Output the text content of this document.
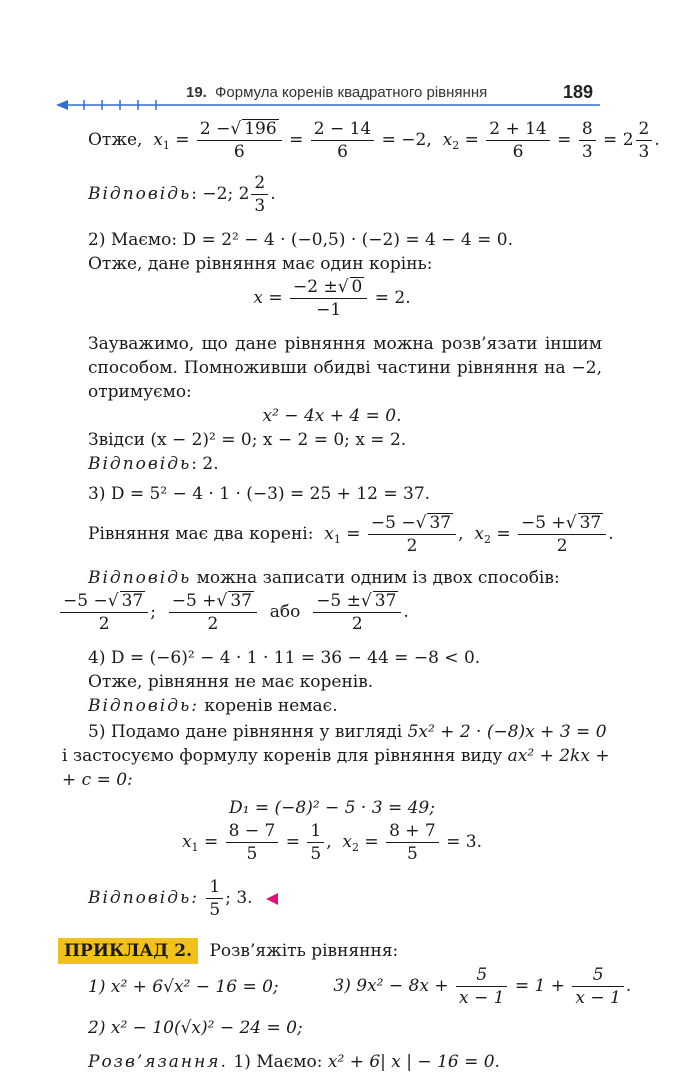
19. Формула коренів квадратного рівняння	189
Отже,  $x_1 = \frac{2 -√ 196}{6} = \frac{2 - 14}{6} = -2$,  $x_2 = \frac{2 + 14}{6} = \frac{8}{3} = 2 \frac{2}{3}$ .
Відповідь: −2; $2 \frac{2}{3}$ .
2) Маємо: D = 2² − 4 · (−0,5) · (−2) = 4 − 4 = 0.
Отже, дане рівняння має один корінь:
$x = \frac{-2 \pm√ 0}{-1} = 2$.
Зауважимо, що дане рівняння можна розв’язати іншим способом. Помноживши обидві частини рівняння на −2, отримуємо:
x² − 4x + 4 = 0.
Звідси (x − 2)² = 0; x − 2 = 0; x = 2.
Відповідь: 2.
3) D = 5² − 4 · 1 · (−3) = 25 + 12 = 37.
Рівняння має два корені:  $x_1 = \frac{-5 -√ 37}{2}$ ,  $x_2 = \frac{-5 +√ 37}{2}$ .
Відповідь можна записати одним із двох способів:
$\frac{-5 -√ 37}{2}$ ; $\frac{-5 +√ 37}{2}$ або $\frac{-5 \pm√ 37}{2}$ .
4) D = (−6)² − 4 · 1 · 11 = 36 − 44 = −8 < 0.
Отже, рівняння не має коренів.
Відповідь: коренів немає.
5) Подамо дане рівняння у вигляді 5x² + 2 · (−8)x + 3 = 0
і застосуємо формулу коренів для рівняння виду ax² + 2kx +
+ c = 0:
D₁ = (−8)² − 5 · 3 = 49;
$x_1 = \frac{8 - 7}{5} = \frac{1}{5}$ ,  $x_2 = \frac{8 + 7}{5} = 3$.
Відповідь: $\frac{1}{5}$ ; 3.
ПРИКЛАД 2. Розв’яжіть рівняння:
1) x² + 6√x² − 16 = 0;	3) $9x^2 - 8x + \frac{5}{x - 1} = 1 + \frac{5}{x - 1}$ .
2) x² − 10(√x)² − 24 = 0;
Розв’язання. 1) Маємо: x² + 6| x | − 16 = 0.
